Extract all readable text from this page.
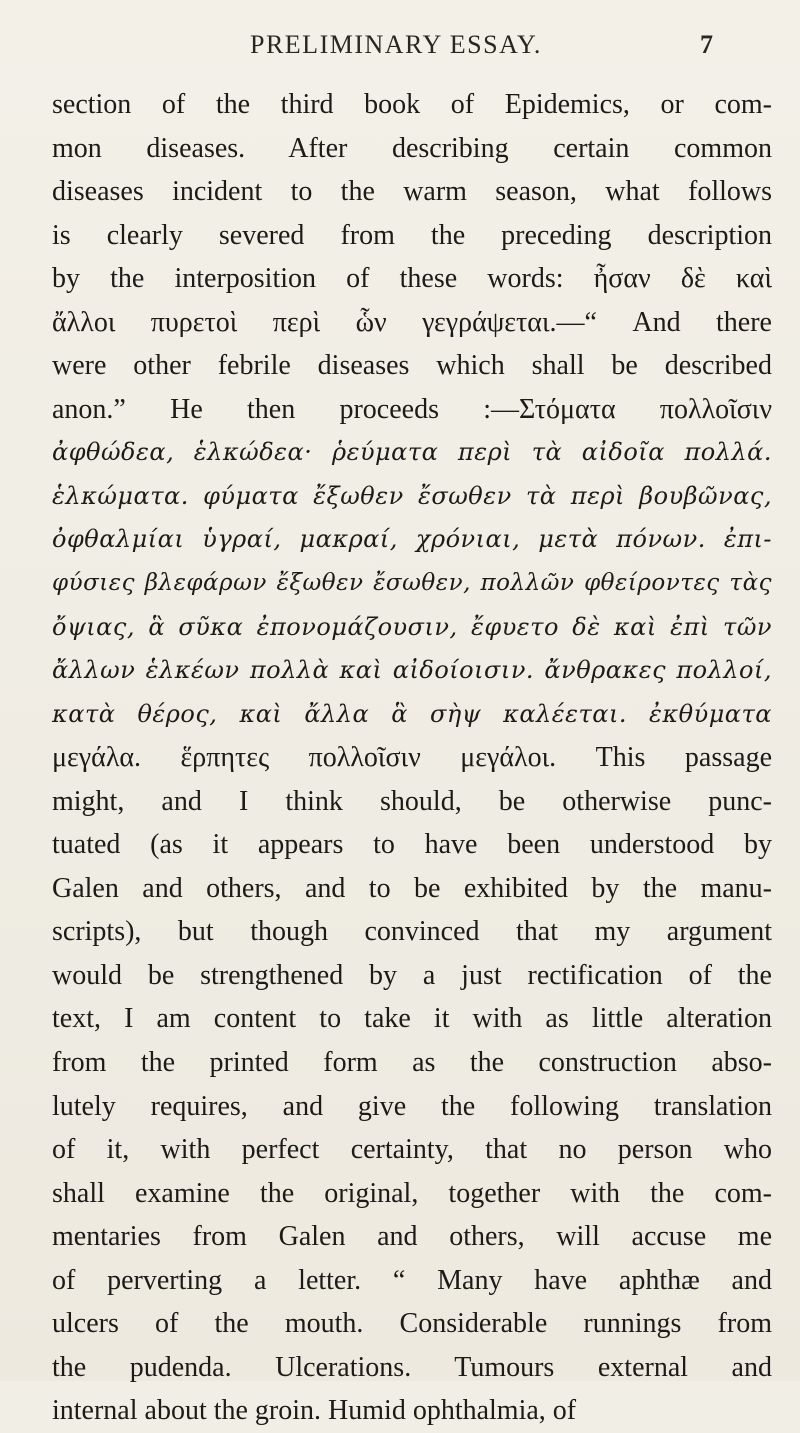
PRELIMINARY ESSAY.	7
section of the third book of Epidemics, or com-
mon diseases. After describing certain common
diseases incident to the warm season, what follows
is clearly severed from the preceding description
by the interposition of these words: ἦσαν δὲ καὶ
ἄλλοι πυρετοὶ περὶ ὧν γεγράψεται.—“ And there
were other febrile diseases which shall be described
anon.” He then proceeds :—Στόματα πολλοῖσιν
ἀφθώδεα, ἑλκώδεα· ῥεύματα περὶ τὰ αἰδοῖα πολλά.
ἑλκώματα. φύματα ἔξωθεν ἔσωθεν τὰ περὶ βουβῶνας,
ὀφθαλμίαι ὑγραί, μακραί, χρόνιαι, μετὰ πόνων. ἐπι-
φύσιες βλεφάρων ἔξωθεν ἔσωθεν, πολλῶν φθείροντες τὰς
ὄψιας, ἃ σῦκα ἐπονομάζουσιν, ἔφυετο δὲ καὶ ἐπὶ τῶν
ἄλλων ἑλκέων πολλὰ καὶ αἰδοίοισιν. ἄνθρακες πολλοί,
κατὰ θέρος, καὶ ἄλλα ἃ σὴψ καλέεται. ἐκθύματα
μεγάλα. ἕρπητες πολλοῖσιν μεγάλοι. This passage
might, and I think should, be otherwise punc-
tuated (as it appears to have been understood by
Galen and others, and to be exhibited by the manu-
scripts), but though convinced that my argument
would be strengthened by a just rectification of the
text, I am content to take it with as little alteration
from the printed form as the construction abso-
lutely requires, and give the following translation
of it, with perfect certainty, that no person who
shall examine the original, together with the com-
mentaries from Galen and others, will accuse me
of perverting a letter. “ Many have aphthæ and
ulcers of the mouth. Considerable runnings from
the pudenda. Ulcerations. Tumours external and
internal about the groin. Humid ophthalmia, of
